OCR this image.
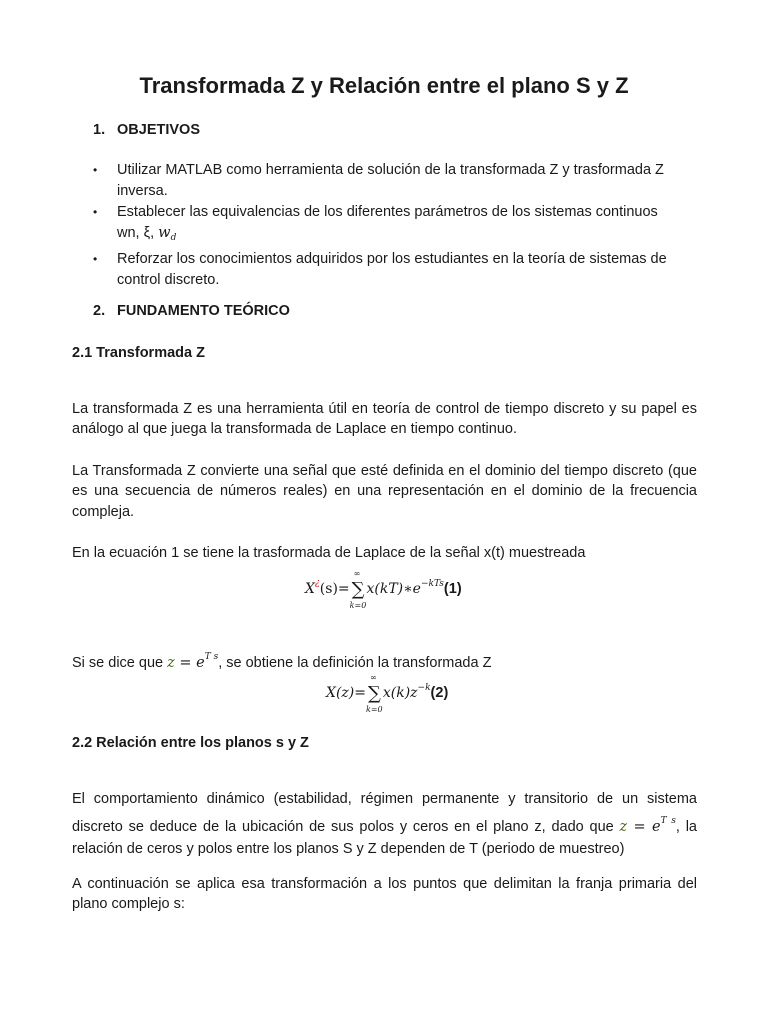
Transformada Z y Relación entre el plano S y Z
1. OBJETIVOS
• Utilizar MATLAB como herramienta de solución de la transformada Z y trasformada Z inversa.
• Establecer las equivalencias de los diferentes parámetros de los sistemas continuos
wn, ξ, $w_d$
• Reforzar los conocimientos adquiridos por los estudiantes en la teoría de sistemas de control discreto.
2. FUNDAMENTO TEÓRICO
2.1 Transformada Z

La transformada Z es una herramienta útil en teoría de control de tiempo discreto y su papel es análogo al que juega la transformada de Laplace en tiempo continuo.

La Transformada Z convierte una señal que esté definida en el dominio del tiempo discreto (que es una secuencia de números reales) en una representación en el dominio de la frecuencia compleja.

En la ecuación 1 se tiene la trasformada de Laplace de la señal x(t) muestreada

X¿(s)= ∑
∞
k=0
$x(kT)∗e^{-kTs}(1)$

Si se dice que $z = e^{T s}$, se obtiene la definición la transformada Z

X(z)= ∑
∞
k=0
$x(k)z^{-k}(2)$
2.2 Relación entre los planos s y Z

El comportamiento dinámico (estabilidad, régimen permanente y transitorio de un sistema discreto se deduce de la ubicación de sus polos y ceros en el plano z, dado que $z = e^{T s}$, la relación de ceros y polos entre los planos S y Z dependen de T (periodo de muestreo)

A continuación se aplica esa transformación a los puntos que delimitan la franja primaria del plano complejo s:
